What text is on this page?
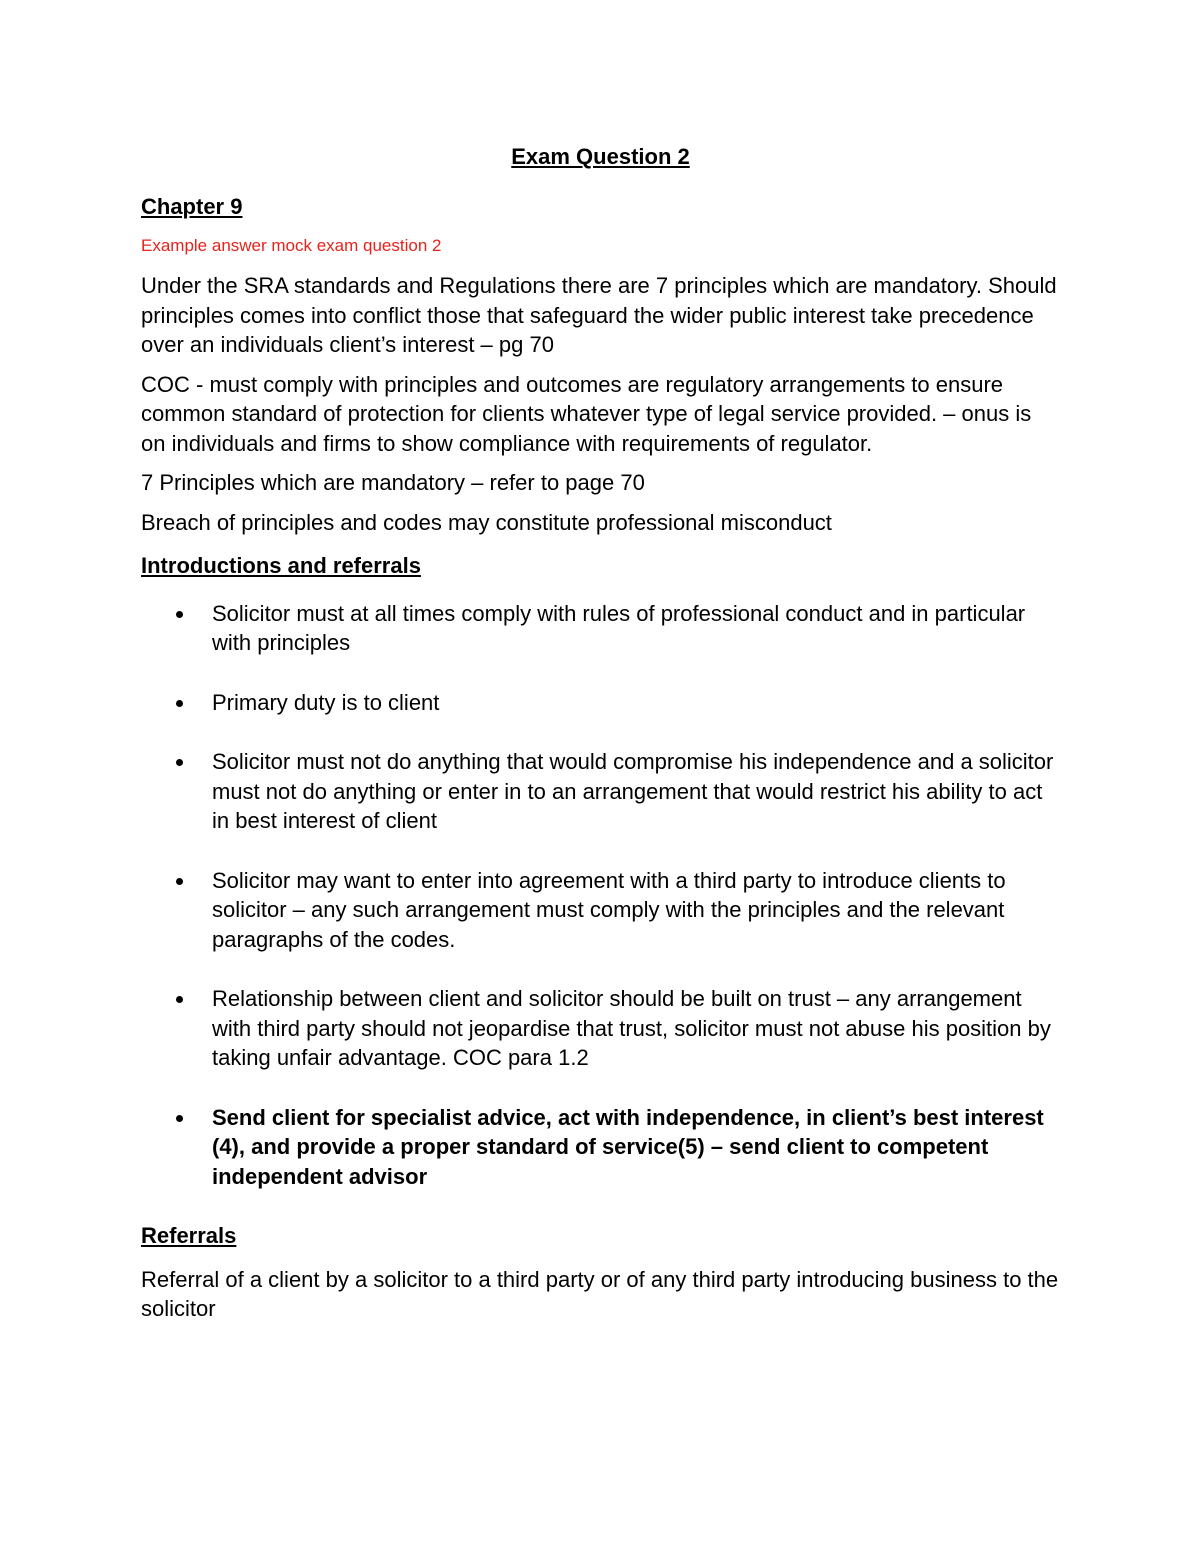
Exam Question 2
Chapter 9
Example answer mock exam question 2

Under the SRA standards and Regulations there are 7 principles which are mandatory. Should principles comes into conflict those that safeguard the wider public interest take precedence over an individuals client’s interest – pg 70

COC - must comply with principles and outcomes are regulatory arrangements to ensure common standard of protection for clients whatever type of legal service provided. – onus is on individuals and firms to show compliance with requirements of regulator.

7 Principles which are mandatory – refer to page 70

Breach of principles and codes may constitute professional misconduct

Introductions and referrals
Solicitor must at all times comply with rules of professional conduct and in particular with principles
Primary duty is to client
Solicitor must not do anything that would compromise his independence and a solicitor must not do anything or enter in to an arrangement that would restrict his ability to act in best interest of client
Solicitor may want to enter into agreement with a third party to introduce clients to solicitor – any such arrangement must comply with the principles and the relevant paragraphs of the codes.
Relationship between client and solicitor should be built on trust – any arrangement with third party should not jeopardise that trust, solicitor must not abuse his position by taking unfair advantage. COC para 1.2
Send client for specialist advice, act with independence, in client’s best interest (4), and provide a proper standard of service(5) – send client to competent independent advisor
Referrals

Referral of a client by a solicitor to a third party or of any third party introducing business to the solicitor
